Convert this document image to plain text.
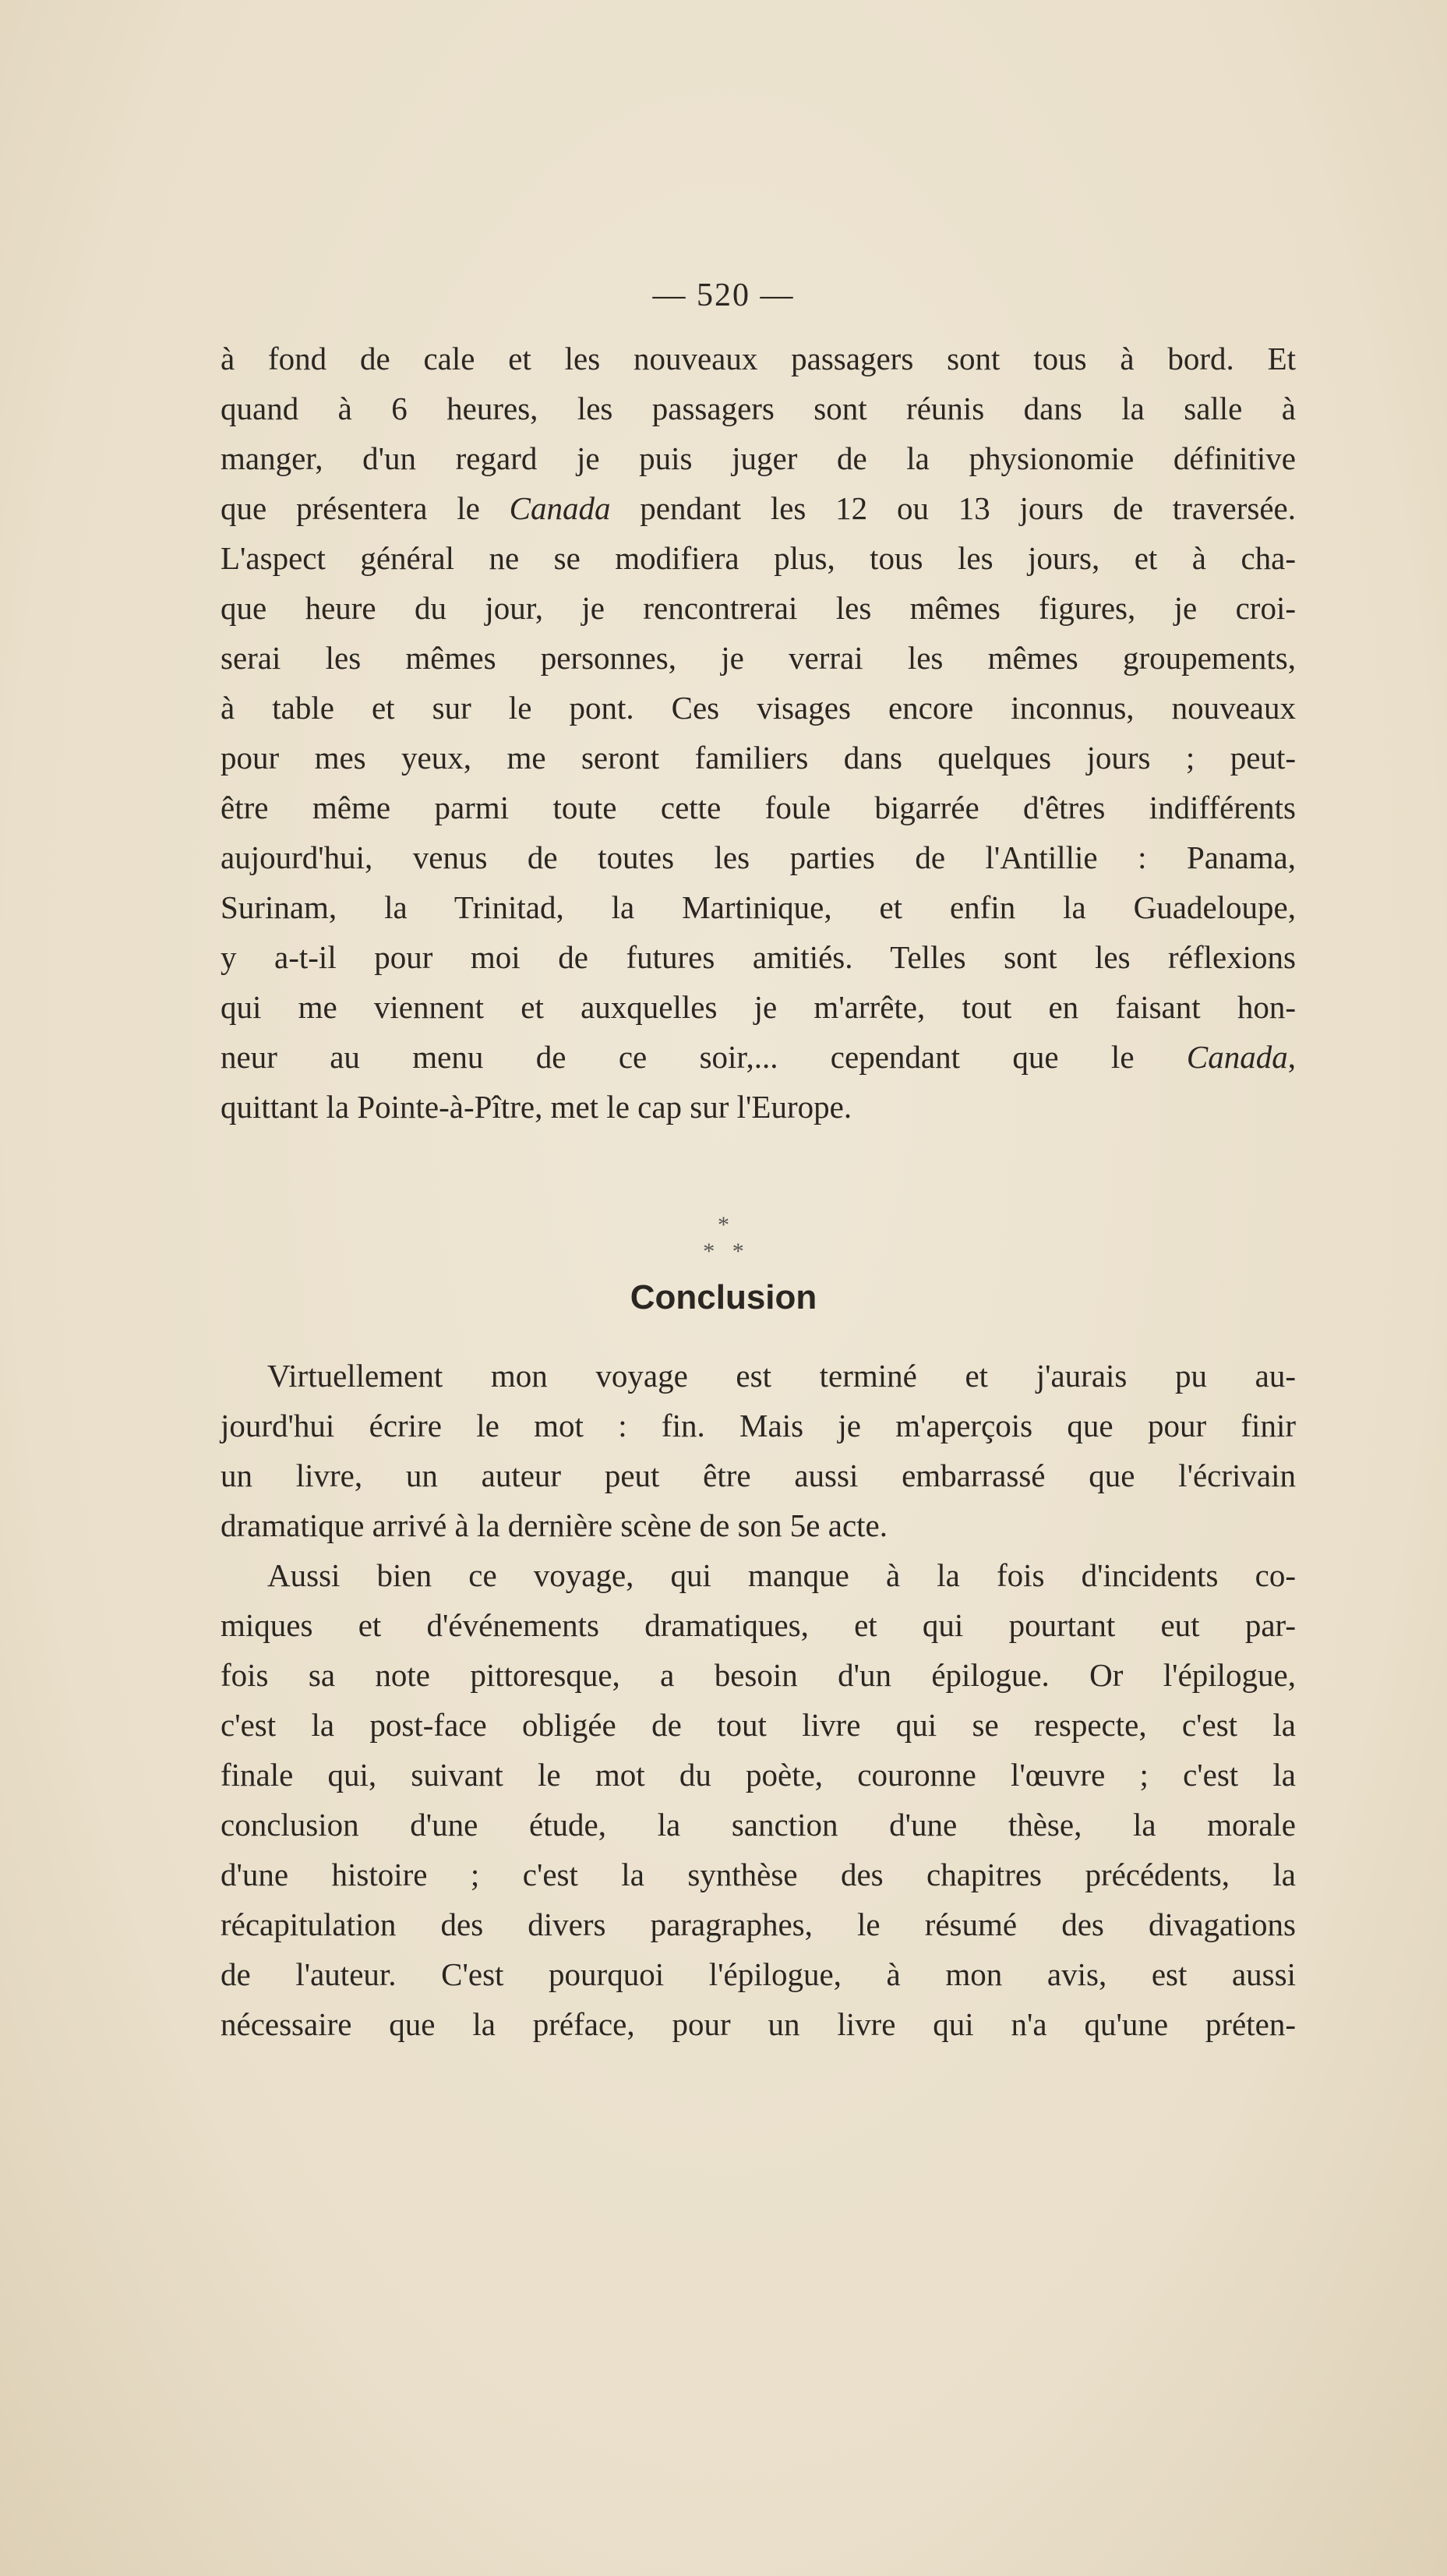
— 520 —
à fond de cale et les nouveaux passagers sont tous à bord. Et
quand à 6 heures, les passagers sont réunis dans la salle à
manger, d'un regard je puis juger de la physionomie définitive
que présentera le Canada pendant les 12 ou 13 jours de traversée.
L'aspect général ne se modifiera plus, tous les jours, et à cha-
que heure du jour, je rencontrerai les mêmes figures, je croi-
serai les mêmes personnes, je verrai les mêmes groupements,
à table et sur le pont. Ces visages encore inconnus, nouveaux
pour mes yeux, me seront familiers dans quelques jours ; peut-
être même parmi toute cette foule bigarrée d'êtres indifférents
aujourd'hui, venus de toutes les parties de l'Antillie : Panama,
Surinam, la Trinitad, la Martinique, et enfin la Guadeloupe,
y a-t-il pour moi de futures amitiés. Telles sont les réflexions
qui me viennent et auxquelles je m'arrête, tout en faisant hon-
neur au menu de ce soir,... cependant que le Canada,
quittant la Pointe-à-Pître, met le cap sur l'Europe.
*
*   *
Conclusion
Virtuellement mon voyage est terminé et j'aurais pu au-
jourd'hui écrire le mot : fin. Mais je m'aperçois que pour finir
un livre, un auteur peut être aussi embarrassé que l'écrivain
dramatique arrivé à la dernière scène de son 5e acte.
Aussi bien ce voyage, qui manque à la fois d'incidents co-
miques et d'événements dramatiques, et qui pourtant eut par-
fois sa note pittoresque, a besoin d'un épilogue. Or l'épilogue,
c'est la post-face obligée de tout livre qui se respecte, c'est la
finale qui, suivant le mot du poète, couronne l'œuvre ; c'est la
conclusion d'une étude, la sanction d'une thèse, la morale
d'une histoire ; c'est la synthèse des chapitres précédents, la
récapitulation des divers paragraphes, le résumé des divagations
de l'auteur. C'est pourquoi l'épilogue, à mon avis, est aussi
nécessaire que la préface, pour un livre qui n'a qu'une préten-
